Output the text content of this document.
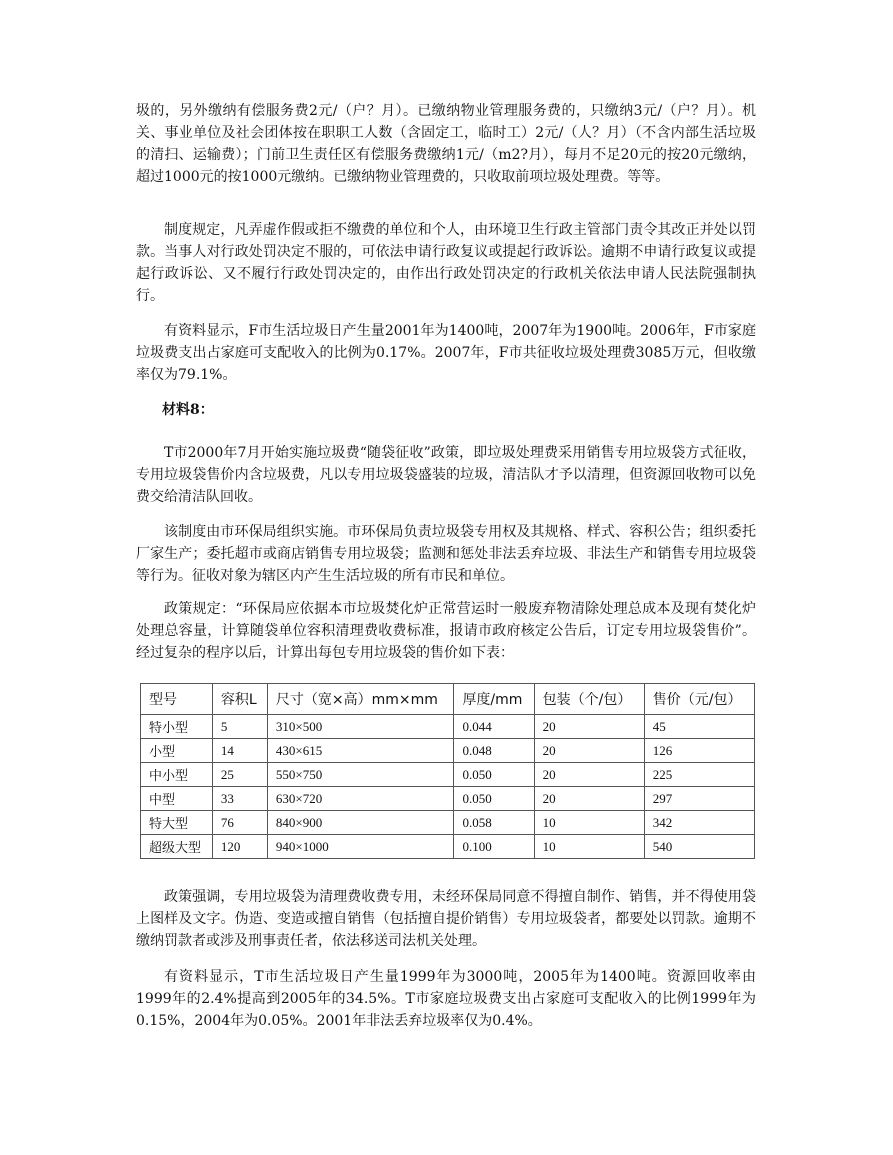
圾的，另外缴纳有偿服务费2元/（户？月）。已缴纳物业管理服务费的，只缴纳3元/（户？月）。机关、事业单位及社会团体按在职职工人数（含固定工，临时工）2元/（人？月）（不含内部生活垃圾的清扫、运输费）；门前卫生责任区有偿服务费缴纳1元/（m2?月），每月不足20元的按20元缴纳，超过1000元的按1000元缴纳。已缴纳物业管理费的，只收取前项垃圾处理费。等等。

制度规定，凡弄虚作假或拒不缴费的单位和个人，由环境卫生行政主管部门责令其改正并处以罚款。当事人对行政处罚决定不服的，可依法申请行政复议或提起行政诉讼。逾期不申请行政复议或提起行政诉讼、又不履行行政处罚决定的，由作出行政处罚决定的行政机关依法申请人民法院强制执行。

有资料显示，F市生活垃圾日产生量2001年为1400吨，2007年为1900吨。2006年，F市家庭垃圾费支出占家庭可支配收入的比例为0.17%。2007年，F市共征收垃圾处理费3085万元，但收缴率仅为79.1%。

材料8：

T市2000年7月开始实施垃圾费“随袋征收”政策，即垃圾处理费采用销售专用垃圾袋方式征收，专用垃圾袋售价内含垃圾费，凡以专用垃圾袋盛装的垃圾，清洁队才予以清理，但资源回收物可以免费交给清洁队回收。

该制度由市环保局组织实施。市环保局负责垃圾袋专用权及其规格、样式、容积公告；组织委托厂家生产；委托超市或商店销售专用垃圾袋；监测和惩处非法丢弃垃圾、非法生产和销售专用垃圾袋等行为。征收对象为辖区内产生生活垃圾的所有市民和单位。

政策规定：“环保局应依据本市垃圾焚化炉正常营运时一般废弃物清除处理总成本及现有焚化炉处理总容量，计算随袋单位容积清理费收费标准，报请市政府核定公告后，订定专用垃圾袋售价”。经过复杂的程序以后，计算出每包专用垃圾袋的售价如下表：

型号	容积L	尺寸（宽×高）mm×mm	厚度/mm	包装（个/包）	售价（元/包）
特小型	5	310×500	0.044	20	45
小型	14	430×615	0.048	20	126
中小型	25	550×750	0.050	20	225
中型	33	630×720	0.050	20	297
特大型	76	840×900	0.058	10	342
超级大型	120	940×1000	0.100	10	540

政策强调，专用垃圾袋为清理费收费专用，未经环保局同意不得擅自制作、销售，并不得使用袋上图样及文字。伪造、变造或擅自销售（包括擅自提价销售）专用垃圾袋者，都要处以罚款。逾期不缴纳罚款者或涉及刑事责任者，依法移送司法机关处理。

有资料显示，T市生活垃圾日产生量1999年为3000吨，2005年为1400吨。资源回收率由1999年的2.4%提高到2005年的34.5%。T市家庭垃圾费支出占家庭可支配收入的比例1999年为0.15%，2004年为0.05%。2001年非法丢弃垃圾率仅为0.4%。
